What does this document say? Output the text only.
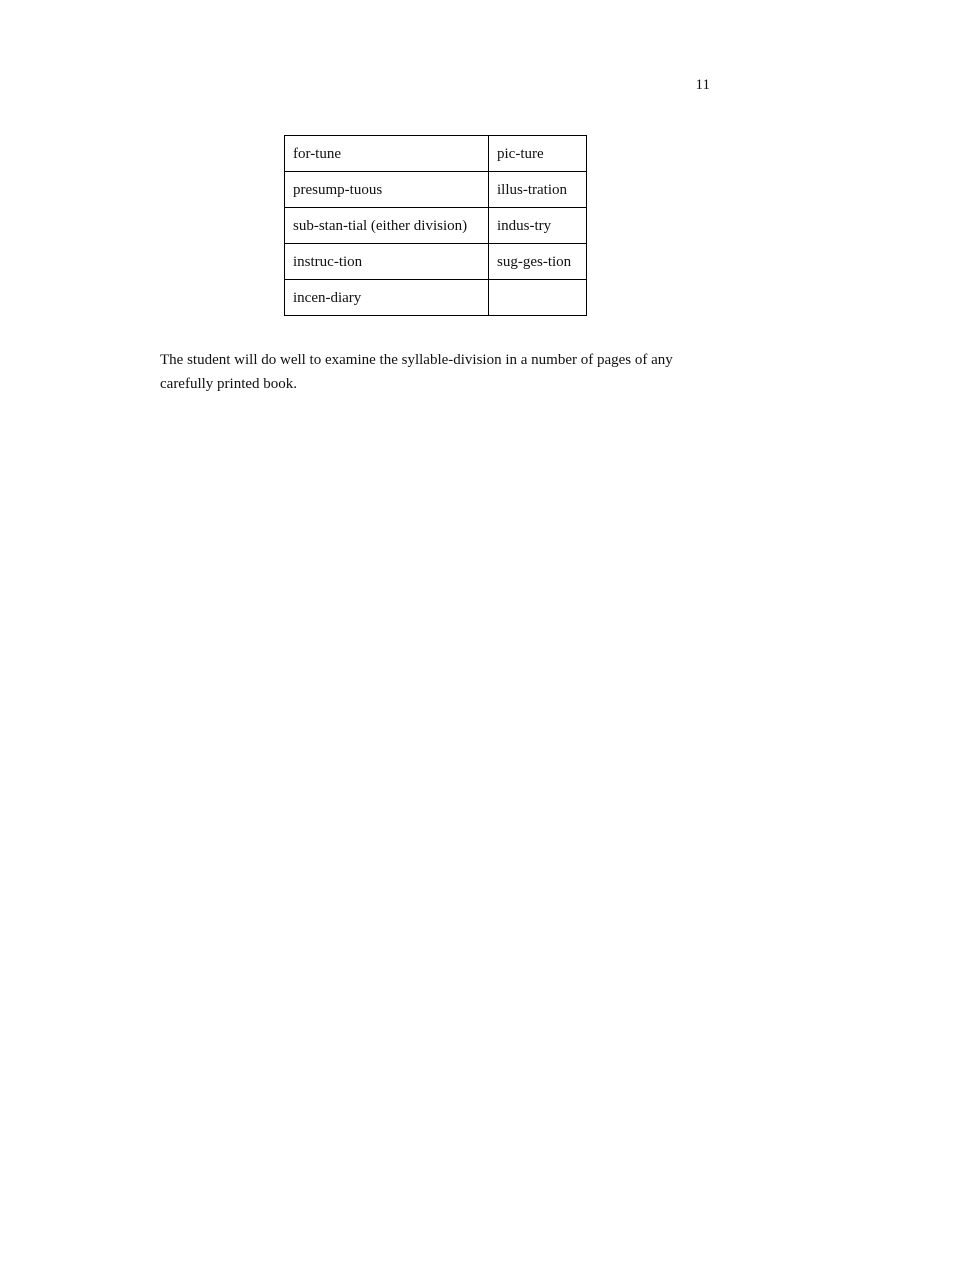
11
for-tune	pic-ture
presump-tuous	illus-tration
sub-stan-tial (either division)	indus-try
instruc-tion	sug-ges-tion
incen-diary	

The student will do well to examine the syllable-division in a number of pages of any
carefully printed book.
